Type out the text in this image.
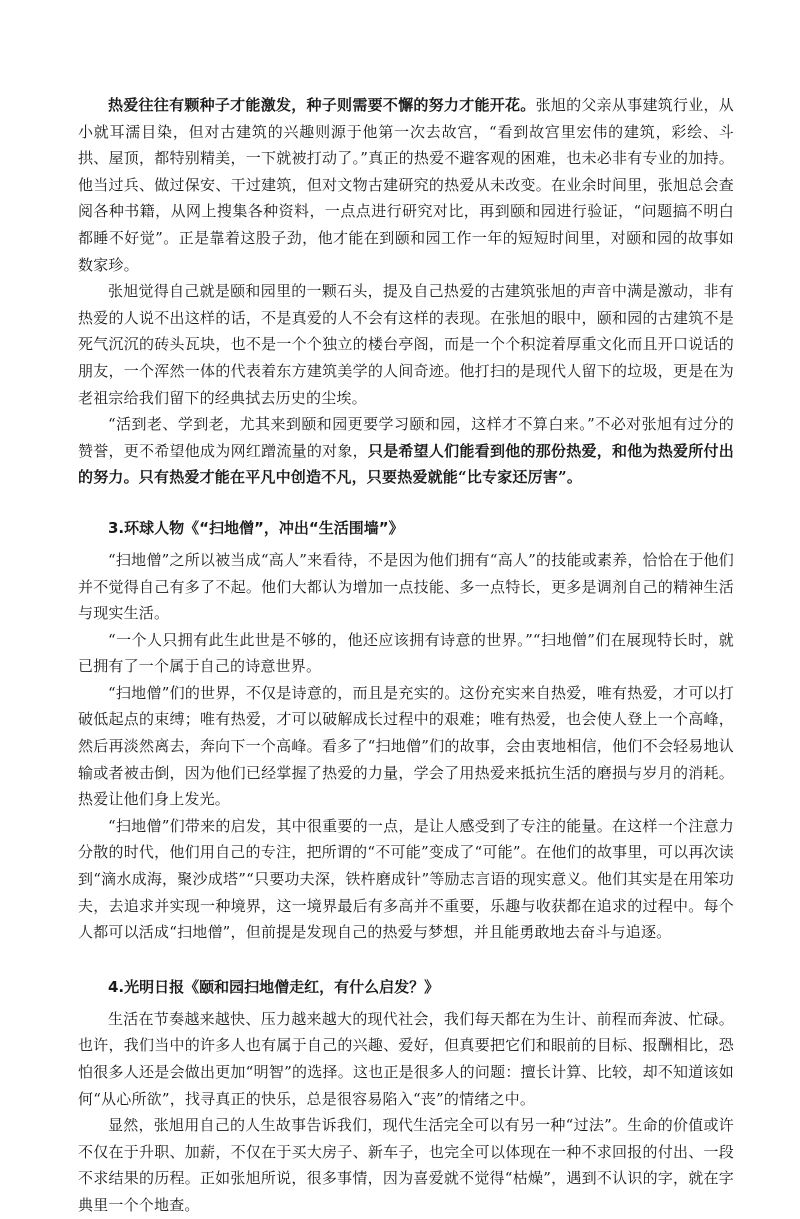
热爱往往有颗种子才能激发，种子则需要不懈的努力才能开花。张旭的父亲从事建筑行业，从小就耳濡目染，但对古建筑的兴趣则源于他第一次去故宫，“看到故宫里宏伟的建筑，彩绘、斗拱、屋顶，都特别精美，一下就被打动了。”真正的热爱不避客观的困难，也未必非有专业的加持。他当过兵、做过保安、干过建筑，但对文物古建研究的热爱从未改变。在业余时间里，张旭总会查阅各种书籍，从网上搜集各种资料，一点点进行研究对比，再到颐和园进行验证，“问题搞不明白都睡不好觉”。正是靠着这股子劲，他才能在到颐和园工作一年的短短时间里，对颐和园的故事如数家珍。

张旭觉得自己就是颐和园里的一颗石头，提及自己热爱的古建筑张旭的声音中满是激动，非有热爱的人说不出这样的话，不是真爱的人不会有这样的表现。在张旭的眼中，颐和园的古建筑不是死气沉沉的砖头瓦块，也不是一个个独立的楼台亭阁，而是一个个积淀着厚重文化而且开口说话的朋友，一个浑然一体的代表着东方建筑美学的人间奇迹。他打扫的是现代人留下的垃圾，更是在为老祖宗给我们留下的经典拭去历史的尘埃。

“活到老、学到老，尤其来到颐和园更要学习颐和园，这样才不算白来。”不必对张旭有过分的赞誉，更不希望他成为网红蹭流量的对象，只是希望人们能看到他的那份热爱，和他为热爱所付出的努力。只有热爱才能在平凡中创造不凡，只要热爱就能“比专家还厉害”。

3.环球人物《“扫地僧”，冲出“生活围墙”》

“扫地僧”之所以被当成“高人”来看待，不是因为他们拥有“高人”的技能或素养，恰恰在于他们并不觉得自己有多了不起。他们大都认为增加一点技能、多一点特长，更多是调剂自己的精神生活与现实生活。

“一个人只拥有此生此世是不够的，他还应该拥有诗意的世界。”“扫地僧”们在展现特长时，就已拥有了一个属于自己的诗意世界。

“扫地僧”们的世界，不仅是诗意的，而且是充实的。这份充实来自热爱，唯有热爱，才可以打破低起点的束缚；唯有热爱，才可以破解成长过程中的艰难；唯有热爱，也会使人登上一个高峰，然后再淡然离去，奔向下一个高峰。看多了“扫地僧”们的故事，会由衷地相信，他们不会轻易地认输或者被击倒，因为他们已经掌握了热爱的力量，学会了用热爱来抵抗生活的磨损与岁月的消耗。热爱让他们身上发光。

“扫地僧”们带来的启发，其中很重要的一点，是让人感受到了专注的能量。在这样一个注意力分散的时代，他们用自己的专注，把所谓的“不可能”变成了“可能”。在他们的故事里，可以再次读到“滴水成海，聚沙成塔”“只要功夫深，铁杵磨成针”等励志言语的现实意义。他们其实是在用笨功夫，去追求并实现一种境界，这一境界最后有多高并不重要，乐趣与收获都在追求的过程中。每个人都可以活成“扫地僧”，但前提是发现自己的热爱与梦想，并且能勇敢地去奋斗与追逐。

4.光明日报《颐和园扫地僧走红，有什么启发？》

生活在节奏越来越快、压力越来越大的现代社会，我们每天都在为生计、前程而奔波、忙碌。也许，我们当中的许多人也有属于自己的兴趣、爱好，但真要把它们和眼前的目标、报酬相比，恐怕很多人还是会做出更加“明智”的选择。这也正是很多人的问题：擅长计算、比较，却不知道该如何“从心所欲”，找寻真正的快乐，总是很容易陷入“丧”的情绪之中。

显然，张旭用自己的人生故事告诉我们，现代生活完全可以有另一种“过法”。生命的价值或许不仅在于升职、加薪，不仅在于买大房子、新车子，也完全可以体现在一种不求回报的付出、一段不求结果的历程。正如张旭所说，很多事情，因为喜爱就不觉得“枯燥”，遇到不认识的字，就在字典里一个个地查。
